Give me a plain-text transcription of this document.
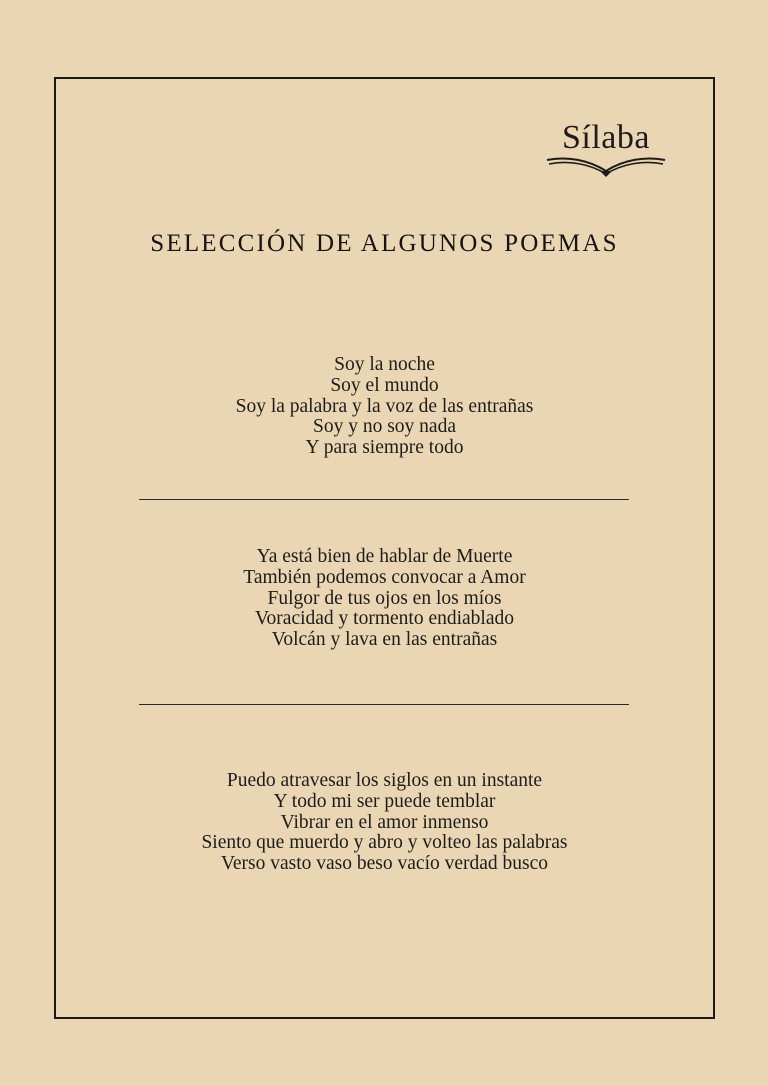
Sílaba
SELECCIÓN DE ALGUNOS POEMAS
Soy la noche
Soy el mundo
Soy la palabra y la voz de las entrañas
Soy y no soy nada
Y para siempre todo
Ya está bien de hablar de Muerte
También podemos convocar a Amor
Fulgor de tus ojos en los míos
Voracidad y tormento endiablado
Volcán y lava en las entrañas
Puedo atravesar los siglos en un instante
Y todo mi ser puede temblar
Vibrar en el amor inmenso
Siento que muerdo y abro y volteo las palabras
Verso vasto vaso beso vacío verdad busco
